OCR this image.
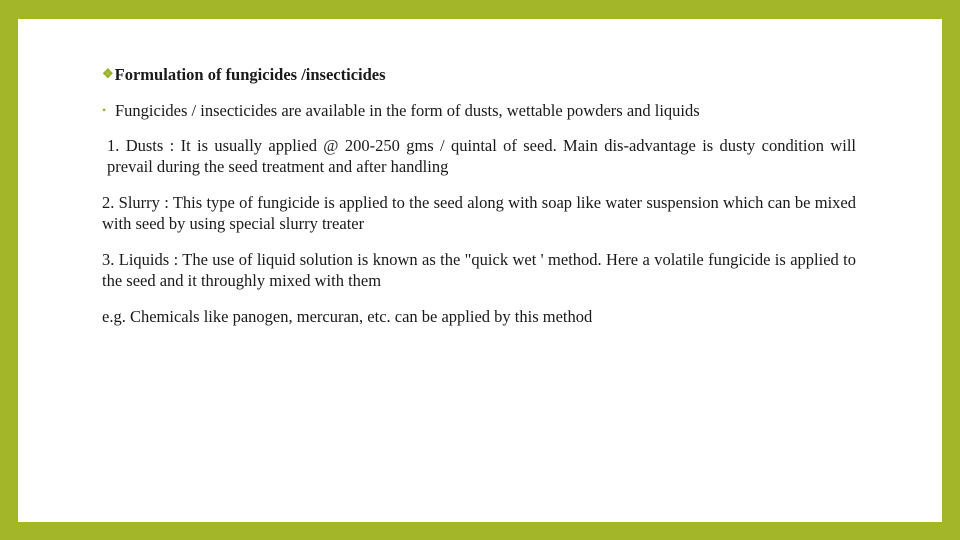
❖ Formulation of fungicides /insecticides
• Fungicides / insecticides are available in the form of dusts, wettable powders and liquids
1. Dusts : It is usually applied @ 200-250 gms / quintal of seed. Main dis-advantage is dusty condition will prevail during the seed treatment and after handling
2. Slurry : This type of fungicide is applied to the seed along with soap like water suspension which can be mixed with seed by using special slurry treater
3. Liquids : The use of liquid solution is known as the "quick wet ' method. Here a volatile fungicide is applied to the seed and it throughly mixed with them
e.g. Chemicals like panogen, mercuran, etc. can be applied by this method
